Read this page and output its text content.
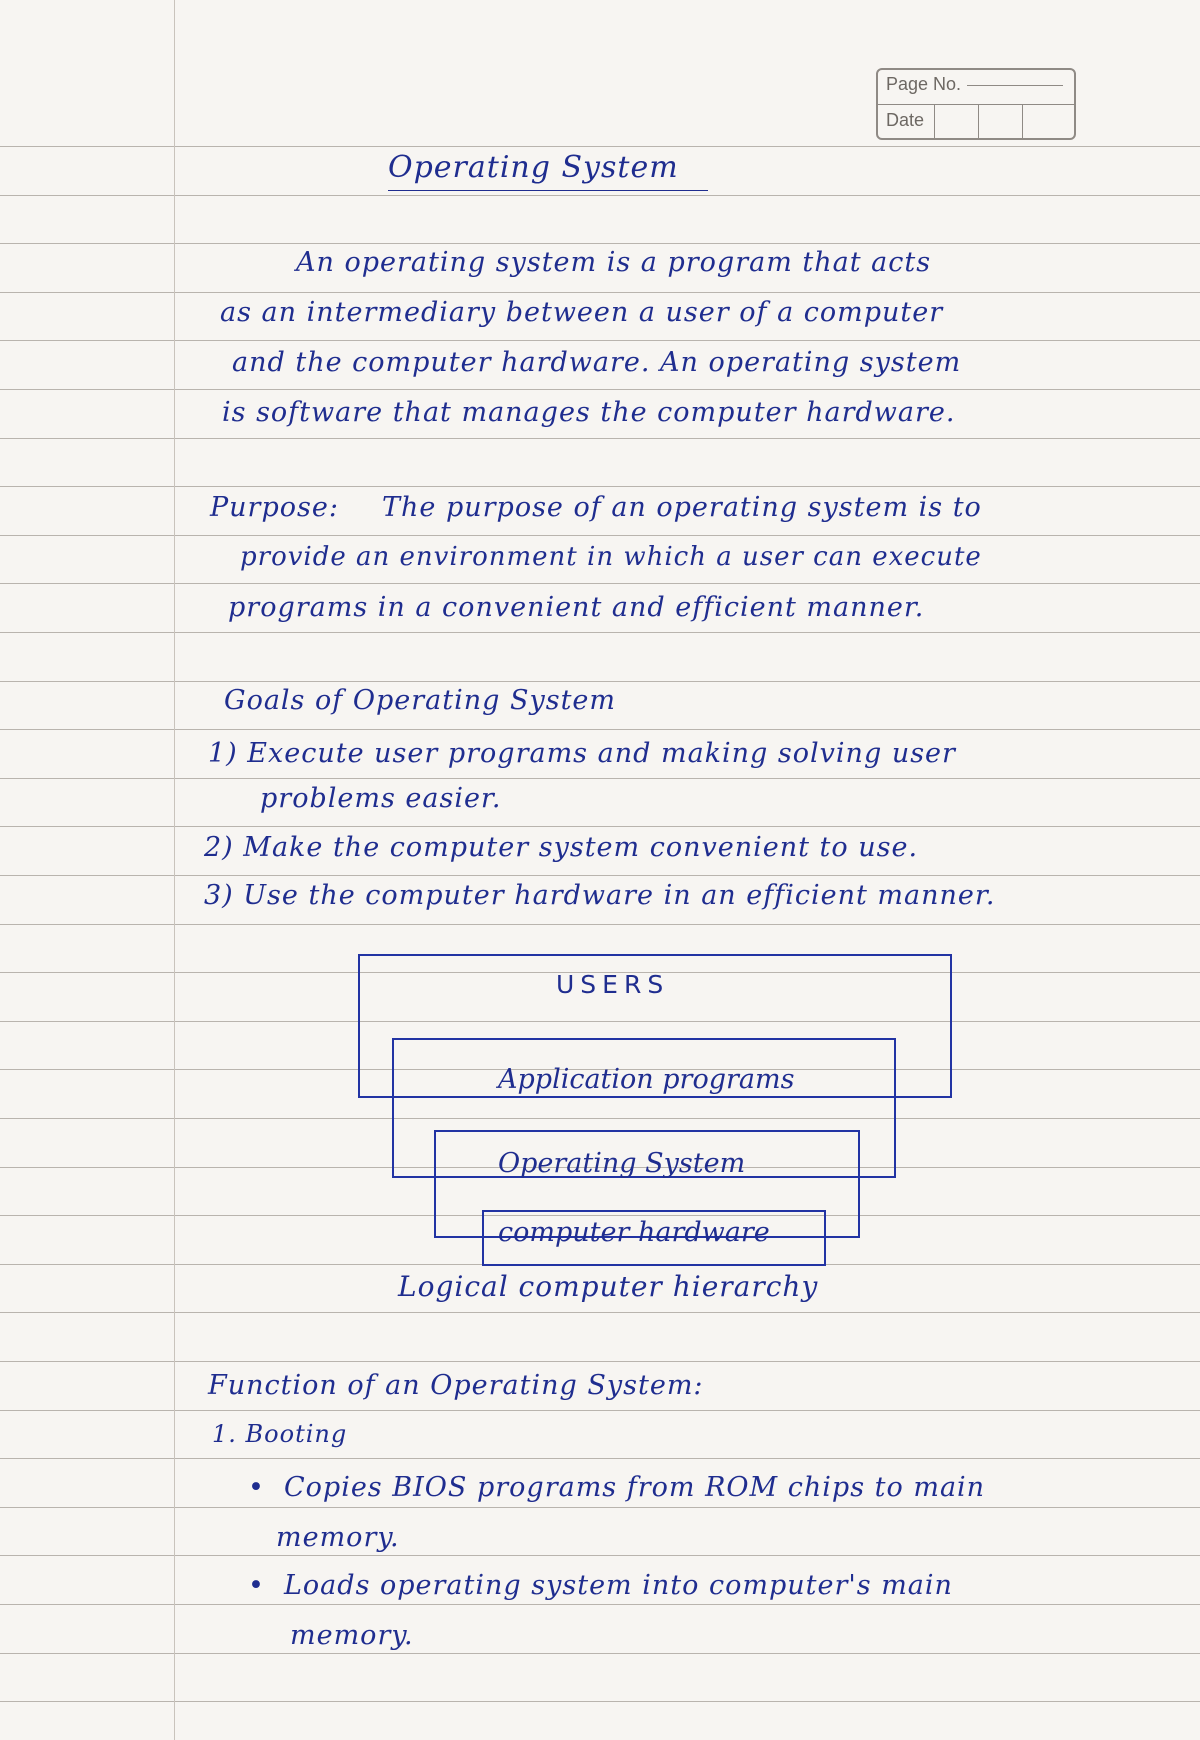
Page No.
Date
Operating System
An operating system is a program that acts
as an intermediary between a user of a computer
and the computer hardware. An operating system
is software that manages the computer hardware.
Purpose: The purpose of an operating system is to
provide an environment in which a user can execute
programs in a convenient and efficient manner.
Goals of Operating System
1) Execute user programs and making solving user
problems easier.
2) Make the computer system convenient to use.
3) Use the computer hardware in an efficient manner.
USERS
Application programs
Operating System
computer hardware
Logical computer hierarchy
Function of an Operating System:
1. Booting
• Copies BIOS programs from ROM chips to main
memory.
• Loads operating system into computer's main
memory.
